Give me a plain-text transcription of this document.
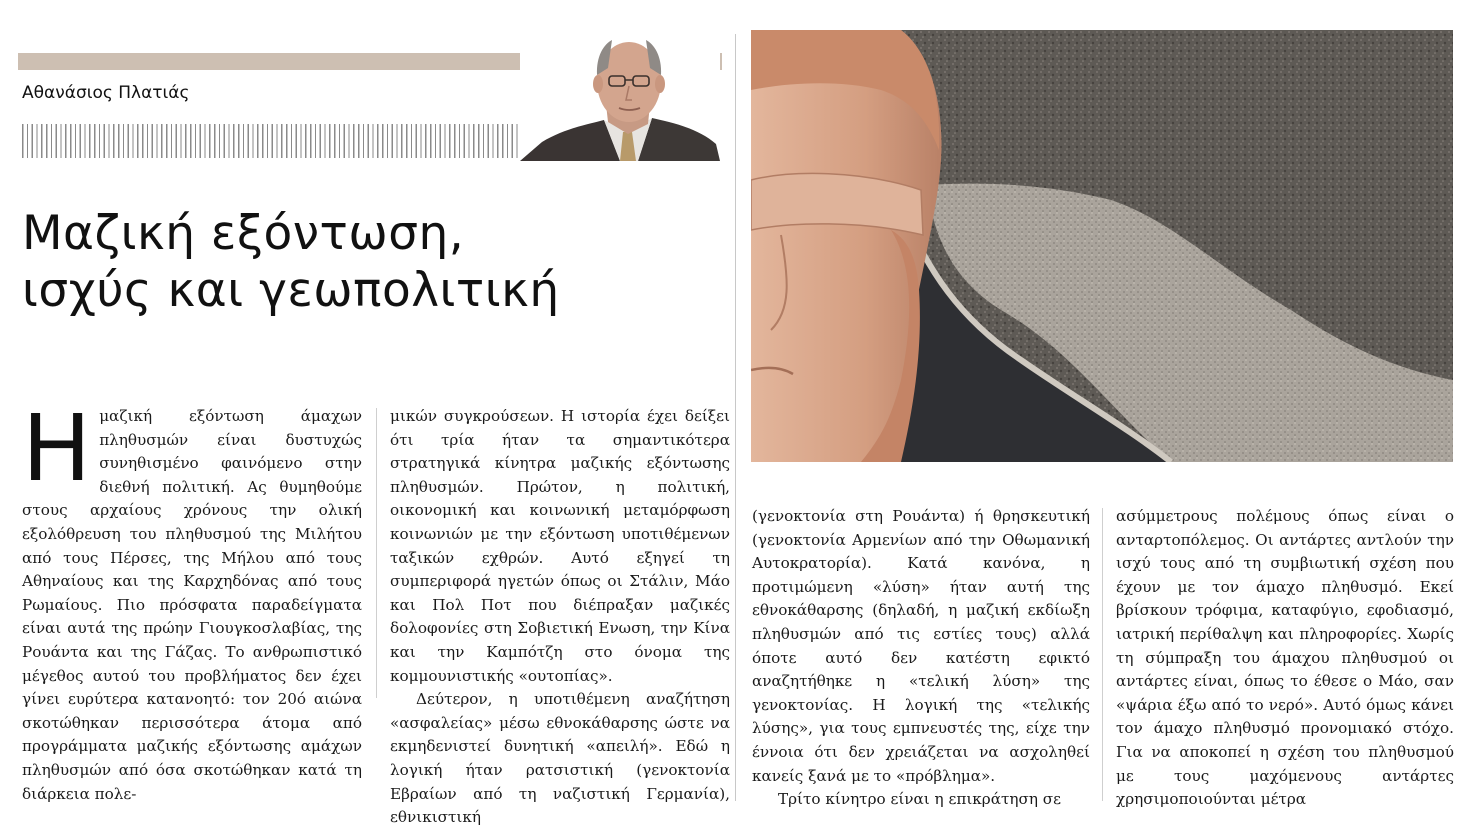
Αθανάσιος Πλατιάς
Μαζική εξόντωση,
ισχύς και γεωπολιτική
Η μαζική εξόντωση άμαχων πληθυσμών είναι δυστυχώς συνηθισμένο φαινόμενο στην διεθνή πολιτική. Ας θυμηθούμε στους αρχαίους χρόνους την ολική εξολόθρευση του πληθυσμού της Μιλήτου από τους Πέρσες, της Μήλου από τους Αθηναίους και της Καρχηδόνας από τους Ρωμαίους. Πιο πρόσφατα παραδείγματα είναι αυτά της πρώην Γιουγκοσλαβίας, της Ρουάντα και της Γάζας. Το ανθρωπιστικό μέγεθος αυτού του προβλήματος δεν έχει γίνει ευρύτερα κατανοητό: τον 20ό αιώνα σκοτώθηκαν περισσότερα άτομα από προγράμματα μαζικής εξόντωσης αμάχων πληθυσμών από όσα σκοτώθηκαν κατά τη διάρκεια πολε-

μικών συγκρούσεων. Η ιστορία έχει δείξει ότι τρία ήταν τα σημαντικότερα στρατηγικά κίνητρα μαζικής εξόντωσης πληθυσμών. Πρώτον, η πολιτική, οικονομική και κοινωνική μεταμόρφωση κοινωνιών με την εξόντωση υποτιθέμενων ταξικών εχθρών. Αυτό εξηγεί τη συμπεριφορά ηγετών όπως οι Στάλιν, Μάο και Πολ Ποτ που διέπραξαν μαζικές δολοφονίες στη Σοβιετική Ενωση, την Κίνα και την Καμπότζη στο όνομα της κομμουνιστικής «ουτοπίας».

Δεύτερον, η υποτιθέμενη αναζήτηση «ασφαλείας» μέσω εθνοκάθαρσης ώστε να εκμηδενιστεί δυνητική «απειλή». Εδώ η λογική ήταν ρατσιστική (γενοκτονία Εβραίων από τη ναζιστική Γερμανία), εθνικιστική

(γενοκτονία στη Ρουάντα) ή θρησκευτική (γενοκτονία Αρμενίων από την Οθωμανική Αυτοκρατορία). Κατά κανόνα, η προτιμώμενη «λύση» ήταν αυτή της εθνοκάθαρσης (δηλαδή, η μαζική εκδίωξη πληθυσμών από τις εστίες τους) αλλά όποτε αυτό δεν κατέστη εφικτό αναζητήθηκε η «τελική λύση» της γενοκτονίας. Η λογική της «τελικής λύσης», για τους εμπνευστές της, είχε την έννοια ότι δεν χρειάζεται να ασχοληθεί κανείς ξανά με το «πρόβλημα».

Τρίτο κίνητρο είναι η επικράτηση σε

ασύμμετρους πολέμους όπως είναι ο ανταρτοπόλεμος. Οι αντάρτες αντλούν την ισχύ τους από τη συμβιωτική σχέση που έχουν με τον άμαχο πληθυσμό. Εκεί βρίσκουν τρόφιμα, καταφύγιο, εφοδιασμό, ιατρική περίθαλψη και πληροφορίες. Χωρίς τη σύμπραξη του άμαχου πληθυσμού οι αντάρτες είναι, όπως το έθεσε ο Μάο, σαν «ψάρια έξω από το νερό». Αυτό όμως κάνει τον άμαχο πληθυσμό προνομιακό στόχο. Για να αποκοπεί η σχέση του πληθυσμού με τους μαχόμενους αντάρτες χρησιμοποιούνται μέτρα
